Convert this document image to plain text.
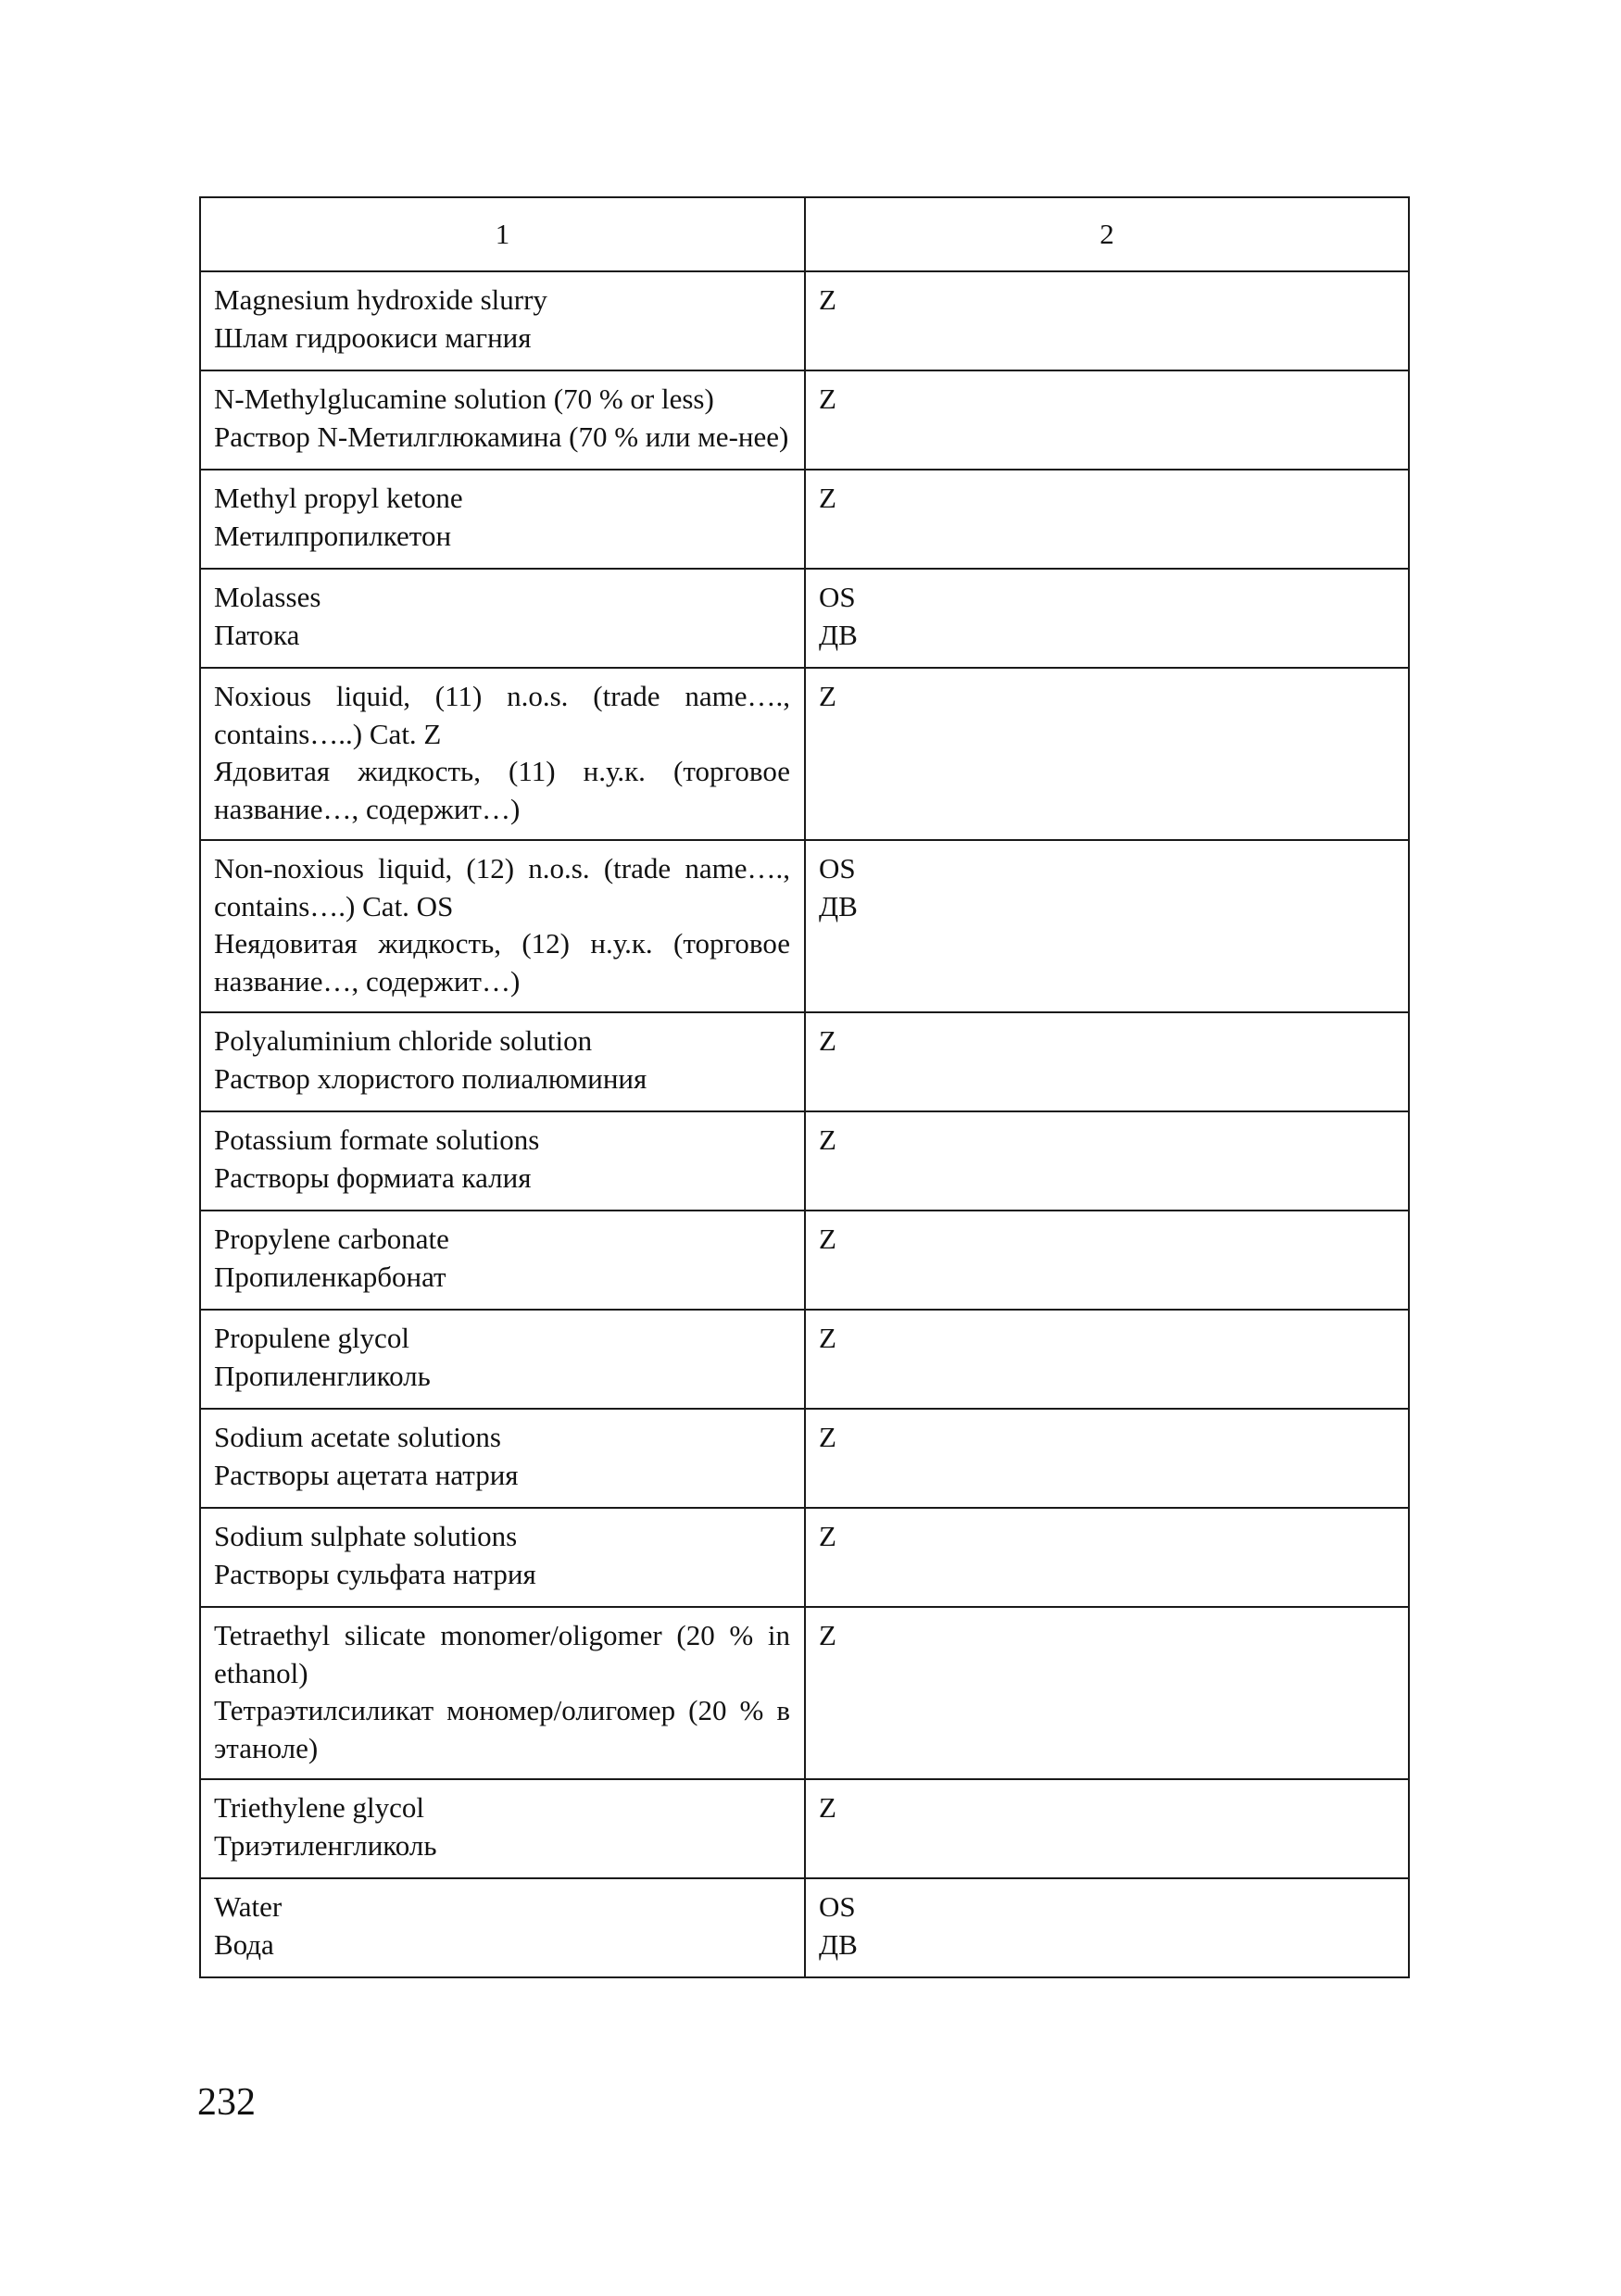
1	2

Magnesium hydroxide slurry
Шлам гидроокиси магния	Z

N-Methylglucamine solution (70 % or less)
Раствор N-Метилглюкамина (70 % или ме-нее)	Z

Methyl propyl ketone
Метилпропилкетон	Z

Molasses
Патока	OS
ДВ

Noxious liquid, (11) n.o.s. (trade name…., contains…..) Cat. Z
Ядовитая жидкость, (11) н.у.к. (торговое название…, содержит…)	Z

Non-noxious liquid, (12) n.o.s. (trade name…., contains….) Cat. OS
Неядовитая жидкость, (12) н.у.к. (торговое название…, содержит…)	OS
ДВ

Polyaluminium chloride solution
Раствор хлористого полиалюминия	Z

Potassium formate solutions
Растворы формиата калия	Z

Propylene carbonate
Пропиленкарбонат	Z

Propulene glycol
Пропиленгликоль	Z

Sodium acetate solutions
Растворы ацетата натрия	Z

Sodium sulphate solutions
Растворы сульфата натрия	Z

Tetraethyl silicate monomer/oligomer (20 % in ethanol)
Тетраэтилсиликат мономер/олигомер (20 % в этаноле)	Z

Triethylene glycol
Триэтиленгликоль	Z

Water
Вода	OS
ДВ
232
